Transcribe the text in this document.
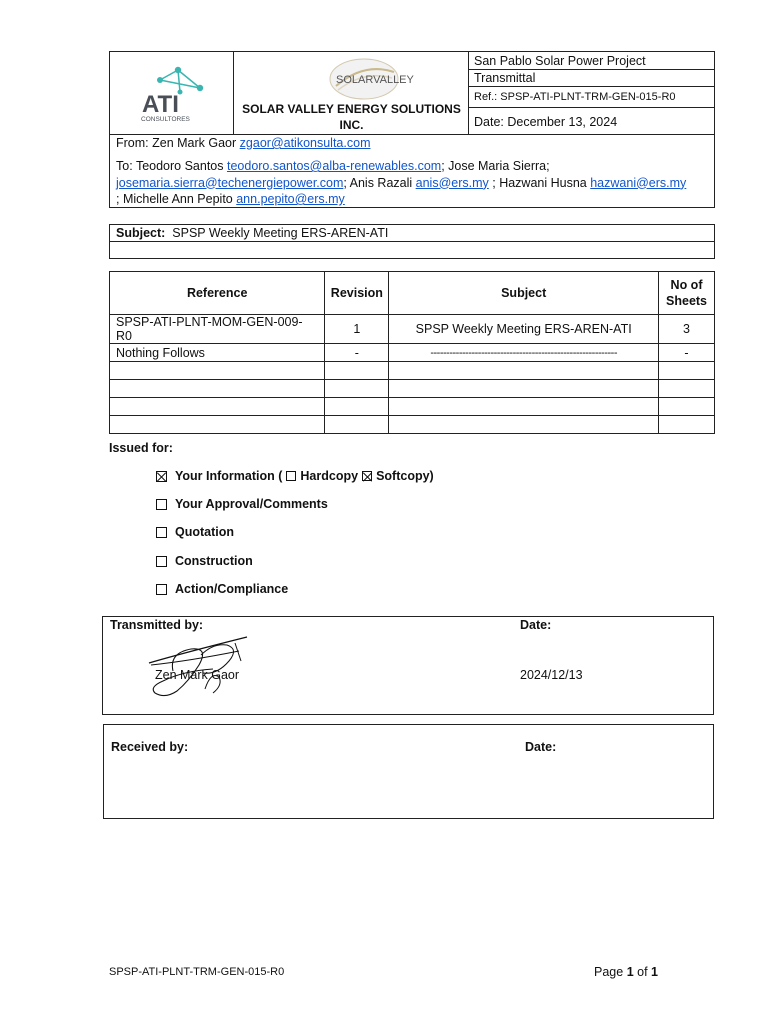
ATI
CONSULTORES
SOLARVALLEY
SOLAR VALLEY ENERGY SOLUTIONS INC.
San Pablo Solar Power Project
Transmittal
Ref.:
SPSP-ATI-PLNT-TRM-GEN-015-R0
Date:
December 13, 2024
From: Zen Mark Gaor zgaor@atikonsulta.com
To: Teodoro Santos teodoro.santos@alba-renewables.com; Jose Maria Sierra; josemaria.sierra@techenergiepower.com; Anis Razali anis@ers.my ; Hazwani Husna hazwani@ers.my
; Michelle Ann Pepito ann.pepito@ers.my
Subject: SPSP Weekly Meeting ERS-AREN-ATI
Reference	Revision	Subject	No of Sheets
SPSP-ATI-PLNT-MOM-GEN-009-R0	1	SPSP Weekly Meeting ERS-AREN-ATI	3
Nothing Follows	-	-----------------------------------------------------------	-

Issued for:
Your Information ( Hardcopy Softcopy)
Your Approval/Comments
Quotation
Construction
Action/Compliance
Transmitted by:	Date:
Zen Mark Gaor	2024/12/13
Received by:	Date:
SPSP-ATI-PLNT-TRM-GEN-015-R0	Page 1 of 1
